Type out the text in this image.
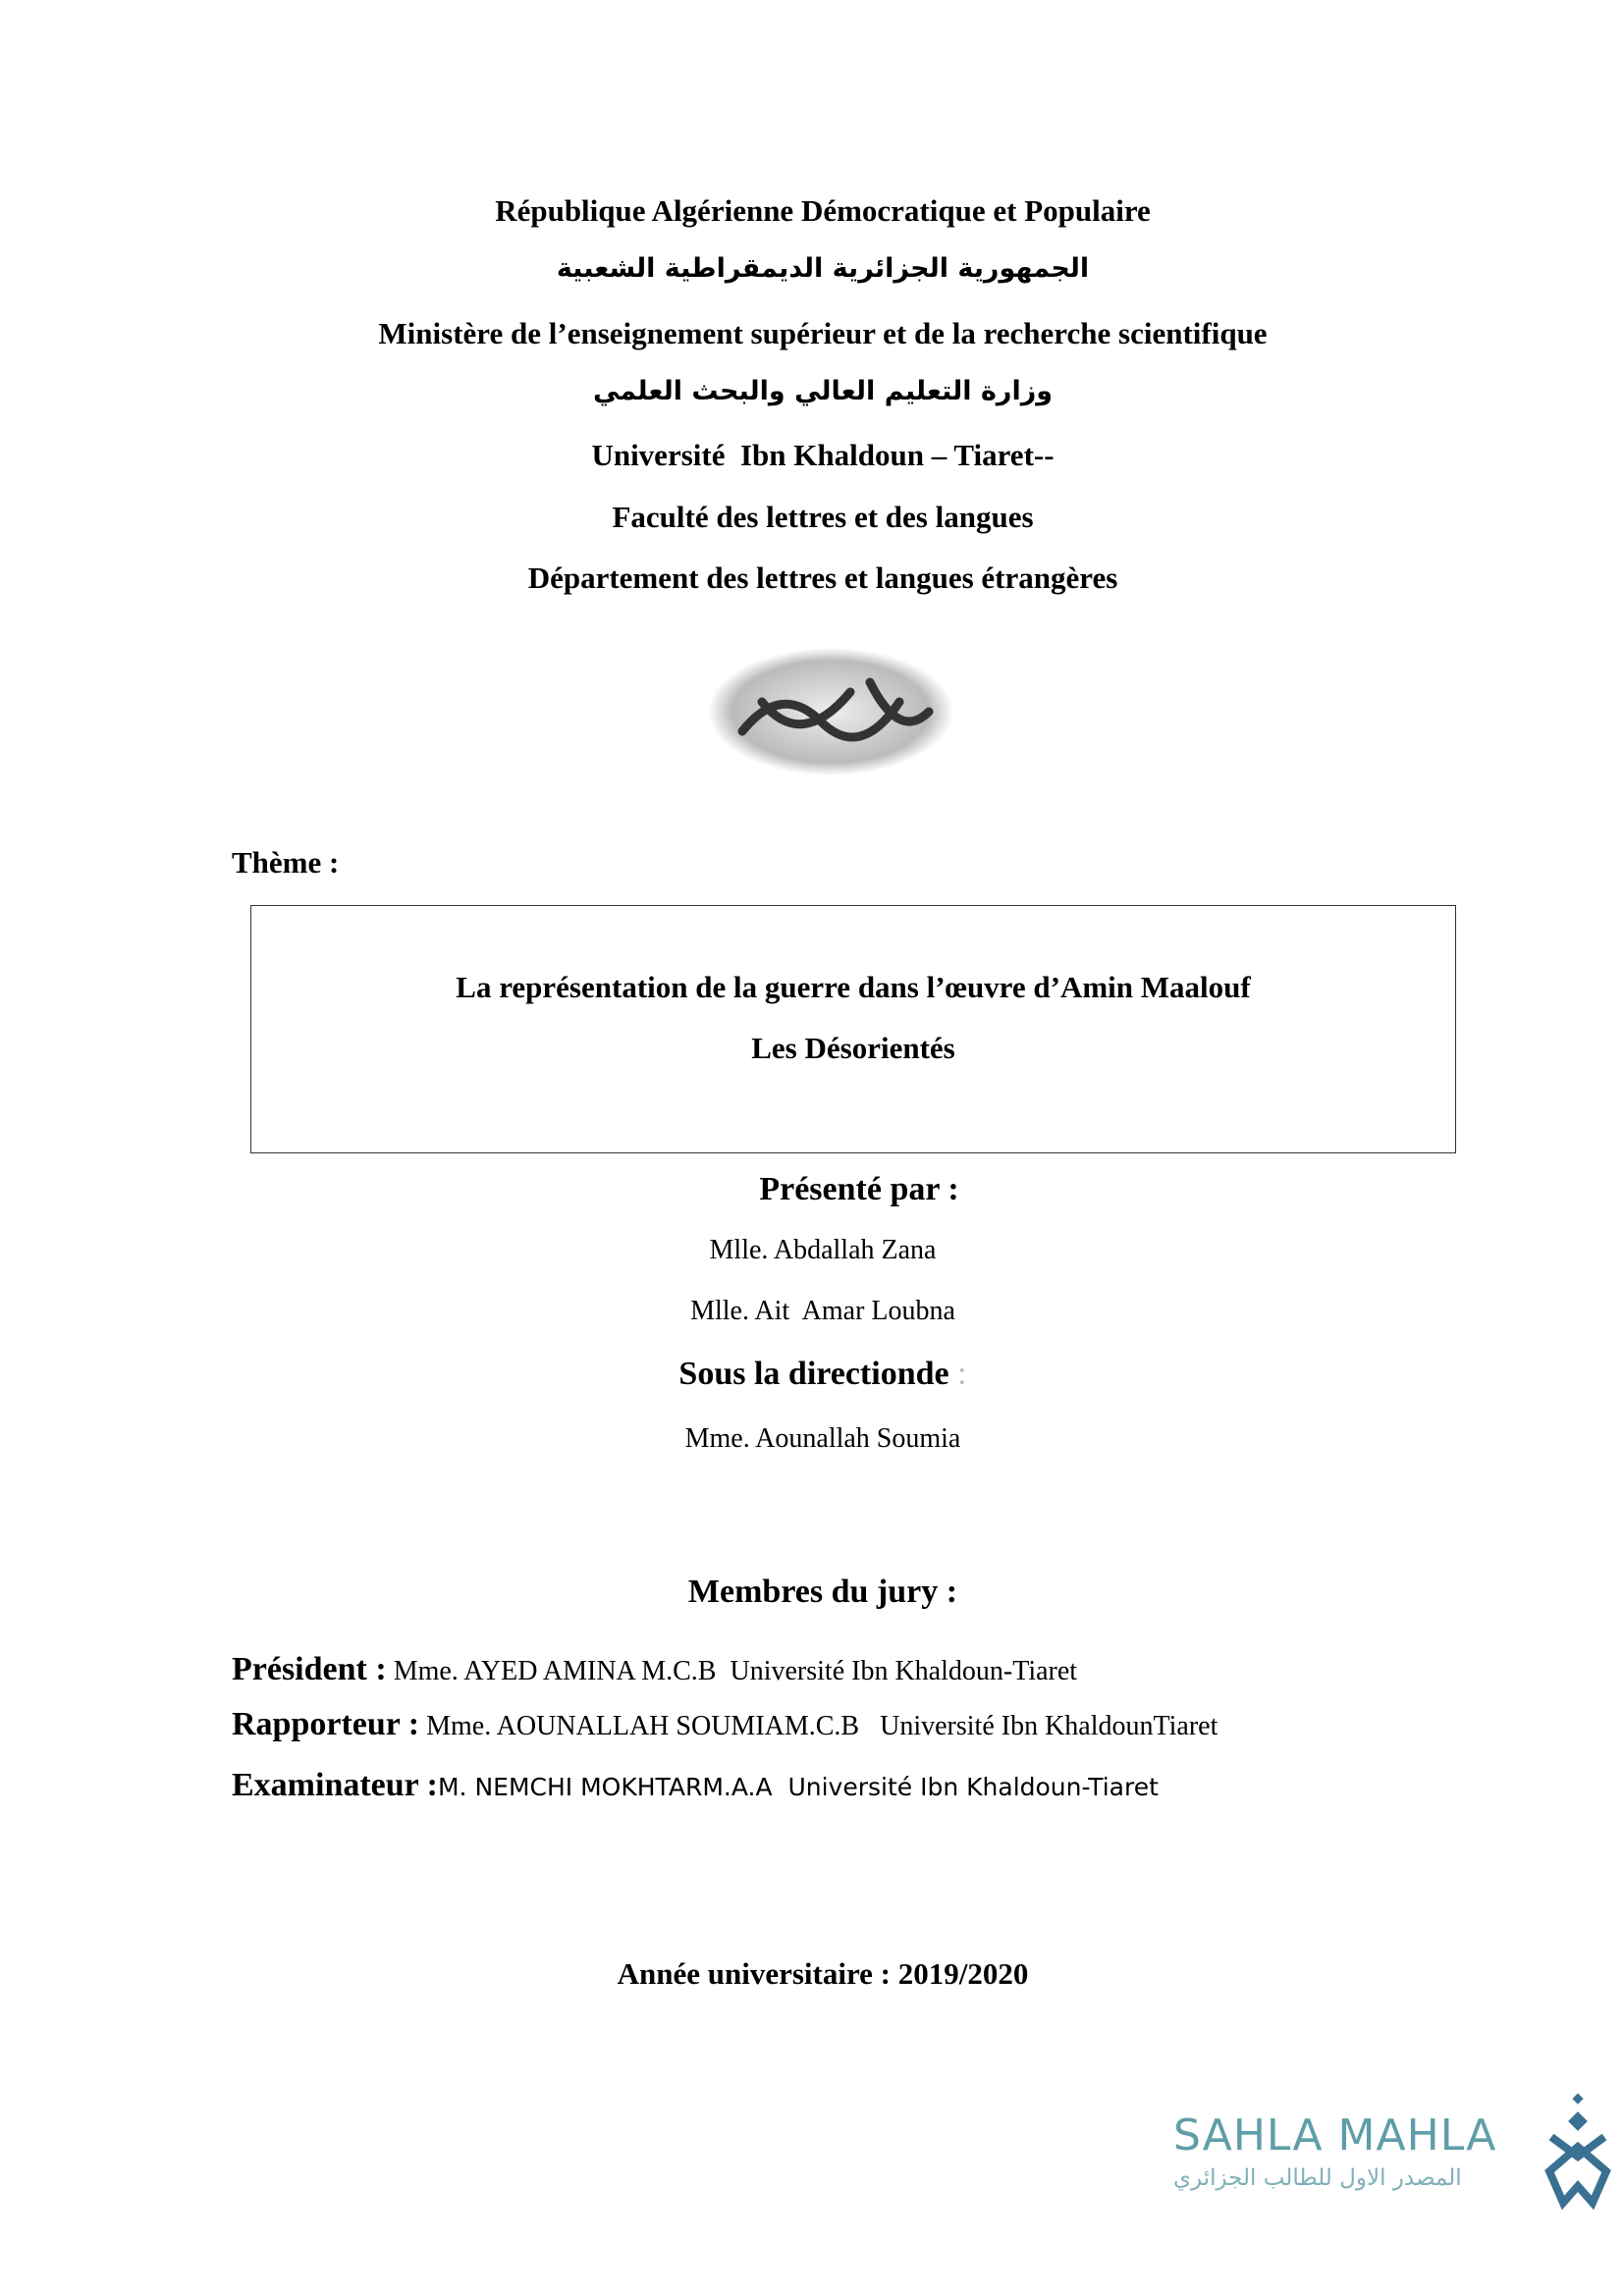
République Algérienne Démocratique et Populaire
الجمهورية الجزائرية الديمقراطية الشعبية
Ministère de l’enseignement supérieur et de la recherche scientifique
وزارة التعليم العالي والبحث العلمي
Université  Ibn Khaldoun – Tiaret--
Faculté des lettres et des langues
Département des lettres et langues étrangères
Thème :
La représentation de la guerre dans l’œuvre d’Amin Maalouf
Les Désorientés
Présenté par :
Mlle. Abdallah Zana
Mlle. Ait  Amar Loubna
Sous la directionde :
Mme. Aounallah Soumia
Membres du jury :
Président : Mme. AYED AMINA M.C.B  Université Ibn Khaldoun-Tiaret
Rapporteur : Mme. AOUNALLAH SOUMIAM.C.B   Université Ibn KhaldounTiaret
Examinateur :M. NEMCHI MOKHTARM.A.A  Université Ibn Khaldoun-Tiaret
Année universitaire : 2019/2020
SAHLA MAHLA
المصدر الاول للطالب الجزائري
